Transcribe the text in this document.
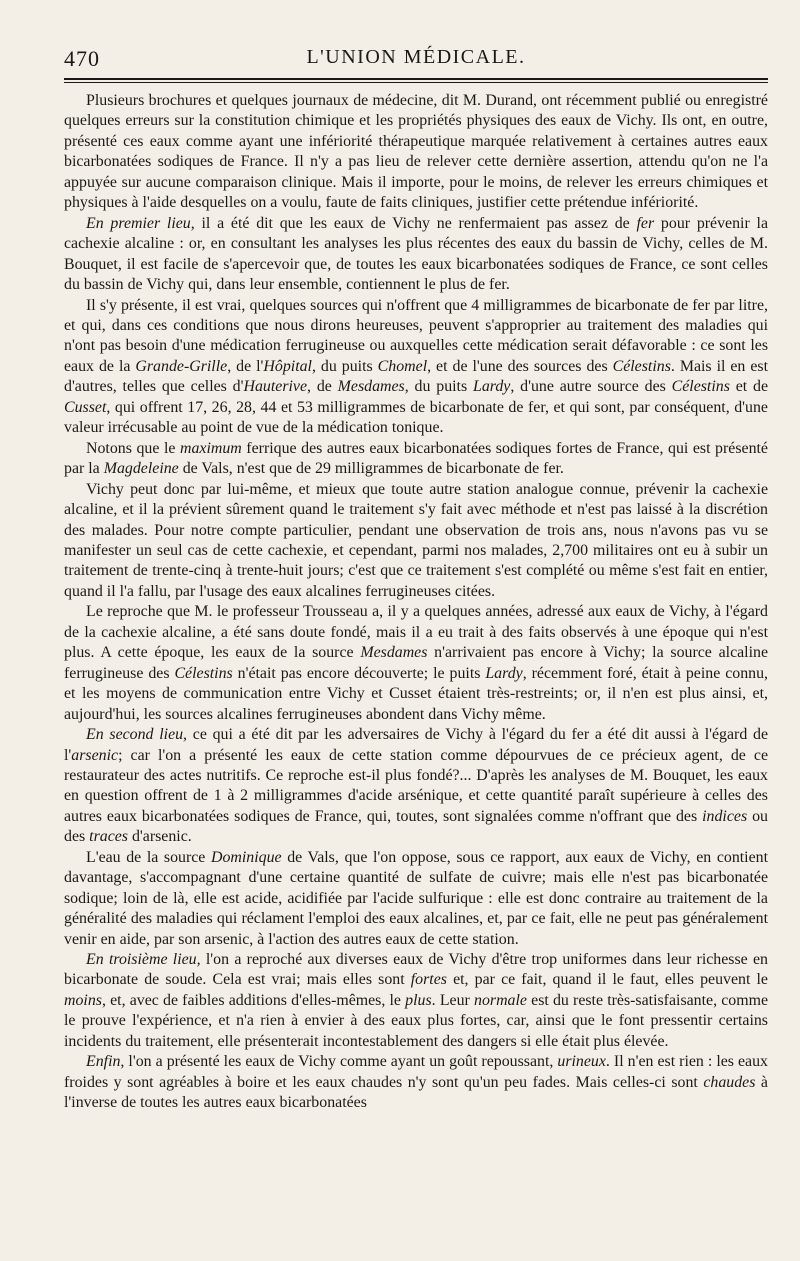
470	L'UNION MÉDICALE.

Plusieurs brochures et quelques journaux de médecine, dit M. Durand, ont récemment publié ou enregistré quelques erreurs sur la constitution chimique et les propriétés physiques des eaux de Vichy. Ils ont, en outre, présenté ces eaux comme ayant une infériorité thérapeutique marquée relativement à certaines autres eaux bicarbonatées sodiques de France. Il n'y a pas lieu de relever cette dernière assertion, attendu qu'on ne l'a appuyée sur aucune comparaison clinique. Mais il importe, pour le moins, de relever les erreurs chimiques et physiques à l'aide desquelles on a voulu, faute de faits cliniques, justifier cette prétendue infériorité.

En premier lieu, il a été dit que les eaux de Vichy ne renfermaient pas assez de fer pour prévenir la cachexie alcaline : or, en consultant les analyses les plus récentes des eaux du bassin de Vichy, celles de M. Bouquet, il est facile de s'apercevoir que, de toutes les eaux bicarbonatées sodiques de France, ce sont celles du bassin de Vichy qui, dans leur ensemble, contiennent le plus de fer.

Il s'y présente, il est vrai, quelques sources qui n'offrent que 4 milligrammes de bicarbonate de fer par litre, et qui, dans ces conditions que nous dirons heureuses, peuvent s'approprier au traitement des maladies qui n'ont pas besoin d'une médication ferrugineuse ou auxquelles cette médication serait défavorable : ce sont les eaux de la Grande-Grille, de l'Hôpital, du puits Chomel, et de l'une des sources des Célestins. Mais il en est d'autres, telles que celles d'Hauterive, de Mesdames, du puits Lardy, d'une autre source des Célestins et de Cusset, qui offrent 17, 26, 28, 44 et 53 milligrammes de bicarbonate de fer, et qui sont, par conséquent, d'une valeur irrécusable au point de vue de la médication tonique.

Notons que le maximum ferrique des autres eaux bicarbonatées sodiques fortes de France, qui est présenté par la Magdeleine de Vals, n'est que de 29 milligrammes de bicarbonate de fer.

Vichy peut donc par lui-même, et mieux que toute autre station analogue connue, prévenir la cachexie alcaline, et il la prévient sûrement quand le traitement s'y fait avec méthode et n'est pas laissé à la discrétion des malades. Pour notre compte particulier, pendant une observation de trois ans, nous n'avons pas vu se manifester un seul cas de cette cachexie, et cependant, parmi nos malades, 2,700 militaires ont eu à subir un traitement de trente-cinq à trente-huit jours; c'est que ce traitement s'est complété ou même s'est fait en entier, quand il l'a fallu, par l'usage des eaux alcalines ferrugineuses citées.

Le reproche que M. le professeur Trousseau a, il y a quelques années, adressé aux eaux de Vichy, à l'égard de la cachexie alcaline, a été sans doute fondé, mais il a eu trait à des faits observés à une époque qui n'est plus. A cette époque, les eaux de la source Mesdames n'arrivaient pas encore à Vichy; la source alcaline ferrugineuse des Célestins n'était pas encore découverte; le puits Lardy, récemment foré, était à peine connu, et les moyens de communication entre Vichy et Cusset étaient très-restreints; or, il n'en est plus ainsi, et, aujourd'hui, les sources alcalines ferrugineuses abondent dans Vichy même.

En second lieu, ce qui a été dit par les adversaires de Vichy à l'égard du fer a été dit aussi à l'égard de l'arsenic; car l'on a présenté les eaux de cette station comme dépourvues de ce précieux agent, de ce restaurateur des actes nutritifs. Ce reproche est-il plus fondé?... D'après les analyses de M. Bouquet, les eaux en question offrent de 1 à 2 milligrammes d'acide arsénique, et cette quantité paraît supérieure à celles des autres eaux bicarbonatées sodiques de France, qui, toutes, sont signalées comme n'offrant que des indices ou des traces d'arsenic.

L'eau de la source Dominique de Vals, que l'on oppose, sous ce rapport, aux eaux de Vichy, en contient davantage, s'accompagnant d'une certaine quantité de sulfate de cuivre; mais elle n'est pas bicarbonatée sodique; loin de là, elle est acide, acidifiée par l'acide sulfurique : elle est donc contraire au traitement de la généralité des maladies qui réclament l'emploi des eaux alcalines, et, par ce fait, elle ne peut pas généralement venir en aide, par son arsenic, à l'action des autres eaux de cette station.

En troisième lieu, l'on a reproché aux diverses eaux de Vichy d'être trop uniformes dans leur richesse en bicarbonate de soude. Cela est vrai; mais elles sont fortes et, par ce fait, quand il le faut, elles peuvent le moins, et, avec de faibles additions d'elles-mêmes, le plus. Leur normale est du reste très-satisfaisante, comme le prouve l'expérience, et n'a rien à envier à des eaux plus fortes, car, ainsi que le font pressentir certains incidents du traitement, elle présenterait incontestablement des dangers si elle était plus élevée.

Enfin, l'on a présenté les eaux de Vichy comme ayant un goût repoussant, urineux. Il n'en est rien : les eaux froides y sont agréables à boire et les eaux chaudes n'y sont qu'un peu fades. Mais celles-ci sont chaudes à l'inverse de toutes les autres eaux bicarbonatées
